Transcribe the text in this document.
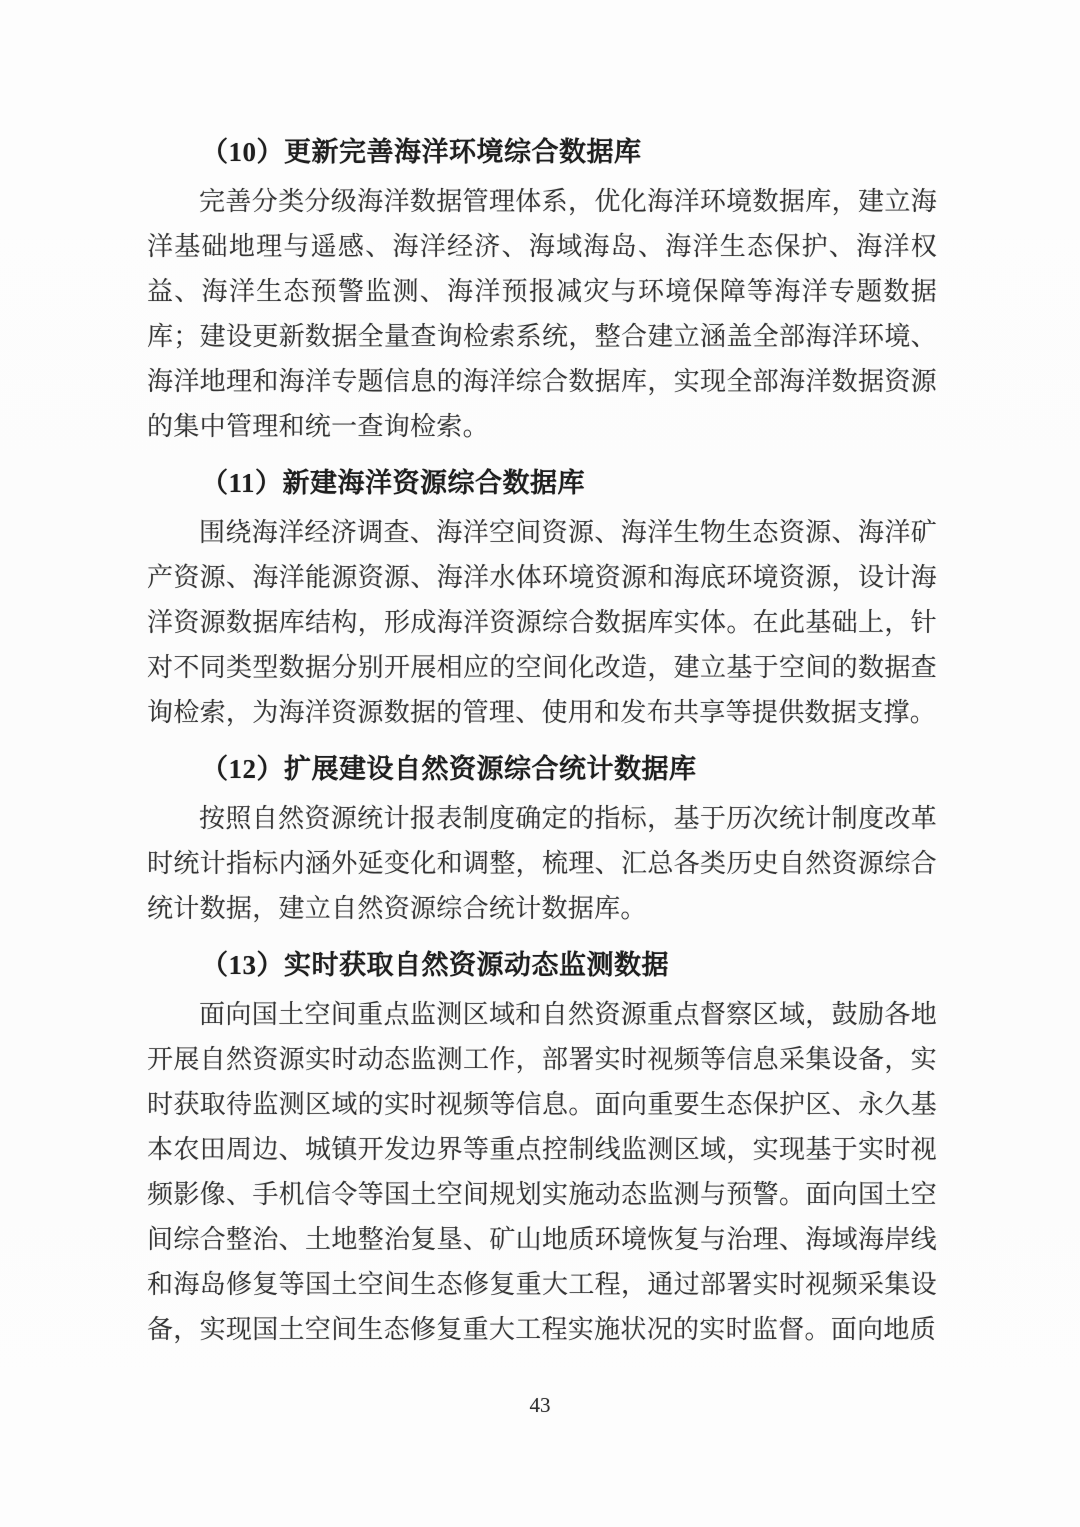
（10）更新完善海洋环境综合数据库

完善分类分级海洋数据管理体系，优化海洋环境数据库，建立海洋基础地理与遥感、海洋经济、海域海岛、海洋生态保护、海洋权益、海洋生态预警监测、海洋预报减灾与环境保障等海洋专题数据库；建设更新数据全量查询检索系统，整合建立涵盖全部海洋环境、海洋地理和海洋专题信息的海洋综合数据库，实现全部海洋数据资源的集中管理和统一查询检索。

（11）新建海洋资源综合数据库

围绕海洋经济调查、海洋空间资源、海洋生物生态资源、海洋矿产资源、海洋能源资源、海洋水体环境资源和海底环境资源，设计海洋资源数据库结构，形成海洋资源综合数据库实体。在此基础上，针对不同类型数据分别开展相应的空间化改造，建立基于空间的数据查询检索，为海洋资源数据的管理、使用和发布共享等提供数据支撑。

（12）扩展建设自然资源综合统计数据库

按照自然资源统计报表制度确定的指标，基于历次统计制度改革时统计指标内涵外延变化和调整，梳理、汇总各类历史自然资源综合统计数据，建立自然资源综合统计数据库。

（13）实时获取自然资源动态监测数据

面向国土空间重点监测区域和自然资源重点督察区域，鼓励各地开展自然资源实时动态监测工作，部署实时视频等信息采集设备，实时获取待监测区域的实时视频等信息。面向重要生态保护区、永久基本农田周边、城镇开发边界等重点控制线监测区域，实现基于实时视频影像、手机信令等国土空间规划实施动态监测与预警。面向国土空间综合整治、土地整治复垦、矿山地质环境恢复与治理、海域海岸线和海岛修复等国土空间生态修复重大工程，通过部署实时视频采集设备，实现国土空间生态修复重大工程实施状况的实时监督。面向地质

43
